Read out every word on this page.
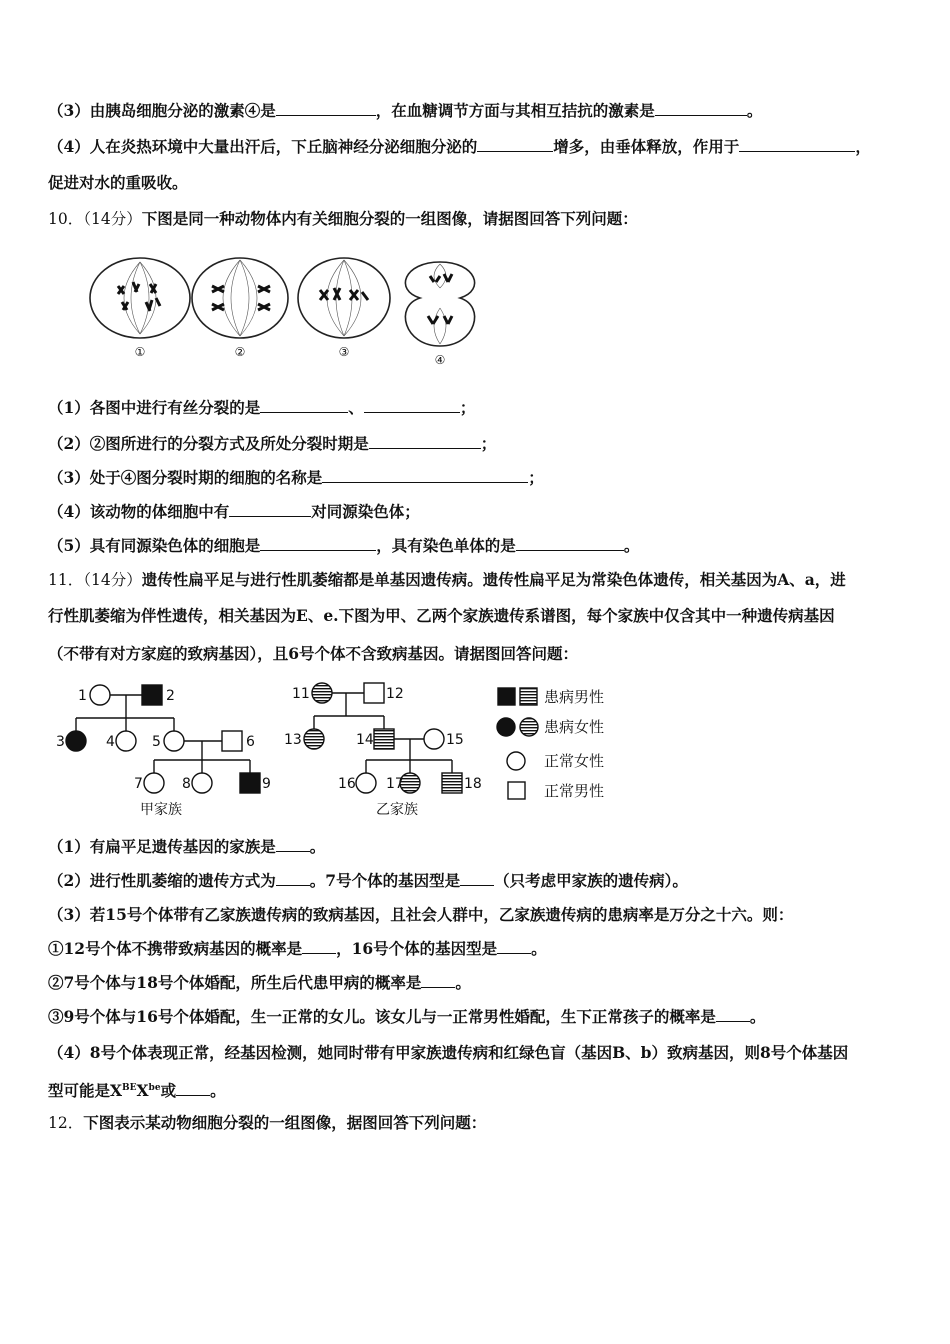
（3）由胰岛细胞分泌的激素④是	，在血糖调节方面与其相互拮抗的激素是	。
（4）人在炎热环境中大量出汗后，下丘脑神经分泌细胞分泌的	增多，由垂体释放，作用于	，
促进对水的重吸收。
10．（14分）下图是同一种动物体内有关细胞分裂的一组图像，请据图回答下列问题：
①	②	③
④
（1）各图中进行有丝分裂的是	、	；
（2）②图所进行的分裂方式及所处分裂时期是	；
（3）处于④图分裂时期的细胞的名称是	；
（4）该动物的体细胞中有	对同源染色体；
（5）具有同源染色体的细胞是	，具有染色单体的是	。
11．（14分）遗传性扁平足与进行性肌萎缩都是单基因遗传病。遗传性扁平足为常染色体遗传，相关基因为A、a，进
行性肌萎缩为伴性遗传，相关基因为E、e.下图为甲、乙两个家族遗传系谱图，每个家族中仅含其中一种遗传病基因
（不带有对方家庭的致病基因），且6号个体不含致病基因。请据图回答问题：
1	2
3	4	5	6
7	8	9
11	12
13	14	15
16 17	18
甲家族	乙家族
患病男性
患病女性
正常女性
正常男性
（1）有扁平足遗传基因的家族是 。
（2）进行性肌萎缩的遗传方式为 。7号个体的基因型是 （只考虑甲家族的遗传病）。
（3）若15号个体带有乙家族遗传病的致病基因，且社会人群中，乙家族遗传病的患病率是万分之十六。则：
①12号个体不携带致病基因的概率是 ，16号个体的基因型是 。
②7号个体与18号个体婚配，所生后代患甲病的概率是 。
③9号个体与16号个体婚配，生一正常的女儿。该女儿与一正常男性婚配，生下正常孩子的概率是 。
（4）8号个体表现正常，经基因检测，她同时带有甲家族遗传病和红绿色盲（基因B、b）致病基因，则8号个体基因
型可能是$X^{BE}X^{be}$或 。
12．下图表示某动物细胞分裂的一组图像，据图回答下列问题：
